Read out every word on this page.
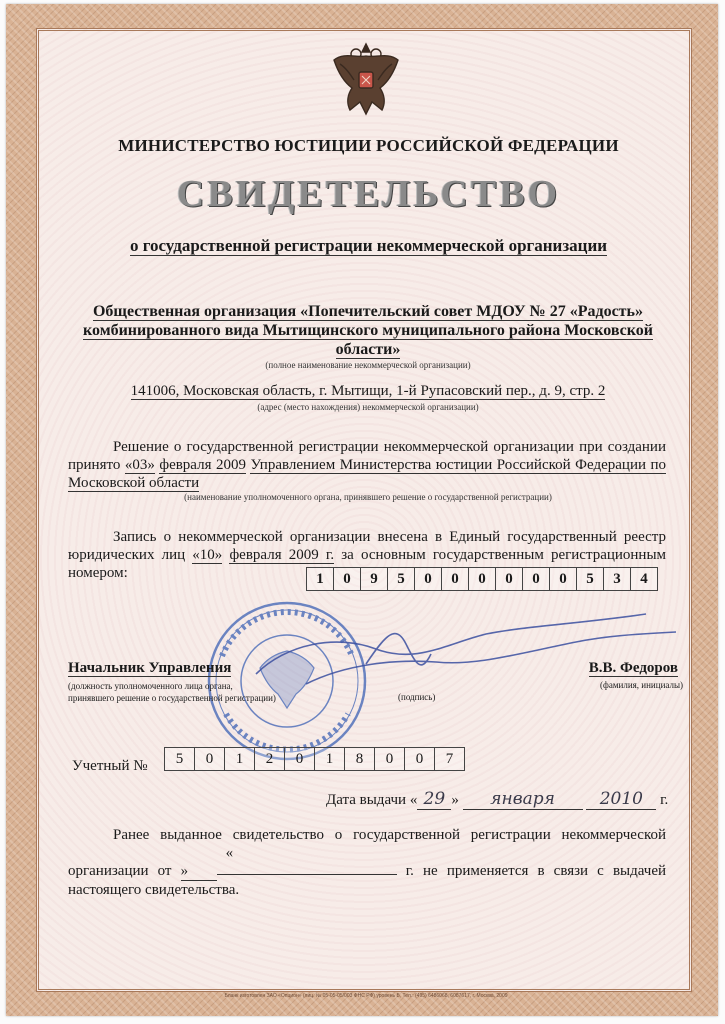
МИНИСТЕРСТВО ЮСТИЦИИ РОССИЙСКОЙ ФЕДЕРАЦИИ
СВИДЕТЕЛЬСТВО
о государственной регистрации некоммерческой организации
Общественная организация «Попечительский совет МДОУ № 27 «Радость» комбинированного вида Мытищинского муниципального района Московской области»
(полное наименование некоммерческой организации)
141006, Московская область, г. Мытищи, 1-й Рупасовский пер., д. 9, стр. 2
(адрес (место нахождения) некоммерческой организации)
Решение о государственной регистрации некоммерческой организации при создании принято «03» февраля 2009 Управлением Министерства юстиции Российской Федерации по Московской области
(наименование уполномоченного органа, принявшего решение о государственной регистрации)
Запись о некоммерческой организации внесена в Единый государственный реестр юридических лиц «10» февраля 2009 г. за основным государственным регистрационным номером:	1	0	9	5	0	0	0	0	0	0	5	3	4
Начальник Управления	В.В. Федоров
(должность уполномоченного лица органа,
принявшего решение о государственной регистрации)	(подпись)
(фамилия, инициалы)
Учетный №	5	0	1	2	0	1	8	0	0	7
Дата выдачи « 29 » января	2010 г.
Ранее выданное свидетельство о государственной регистрации некоммерческой организации от « »	г. не применяется в связи с выдачей настоящего свидетельства.
Бланк изготовлен ЗАО «Опцион» (лиц. № 05-05-05/003 ФНС РФ) уровень Б, Тел.: (495) 6486068, 6087617, г. Москва, 2009
